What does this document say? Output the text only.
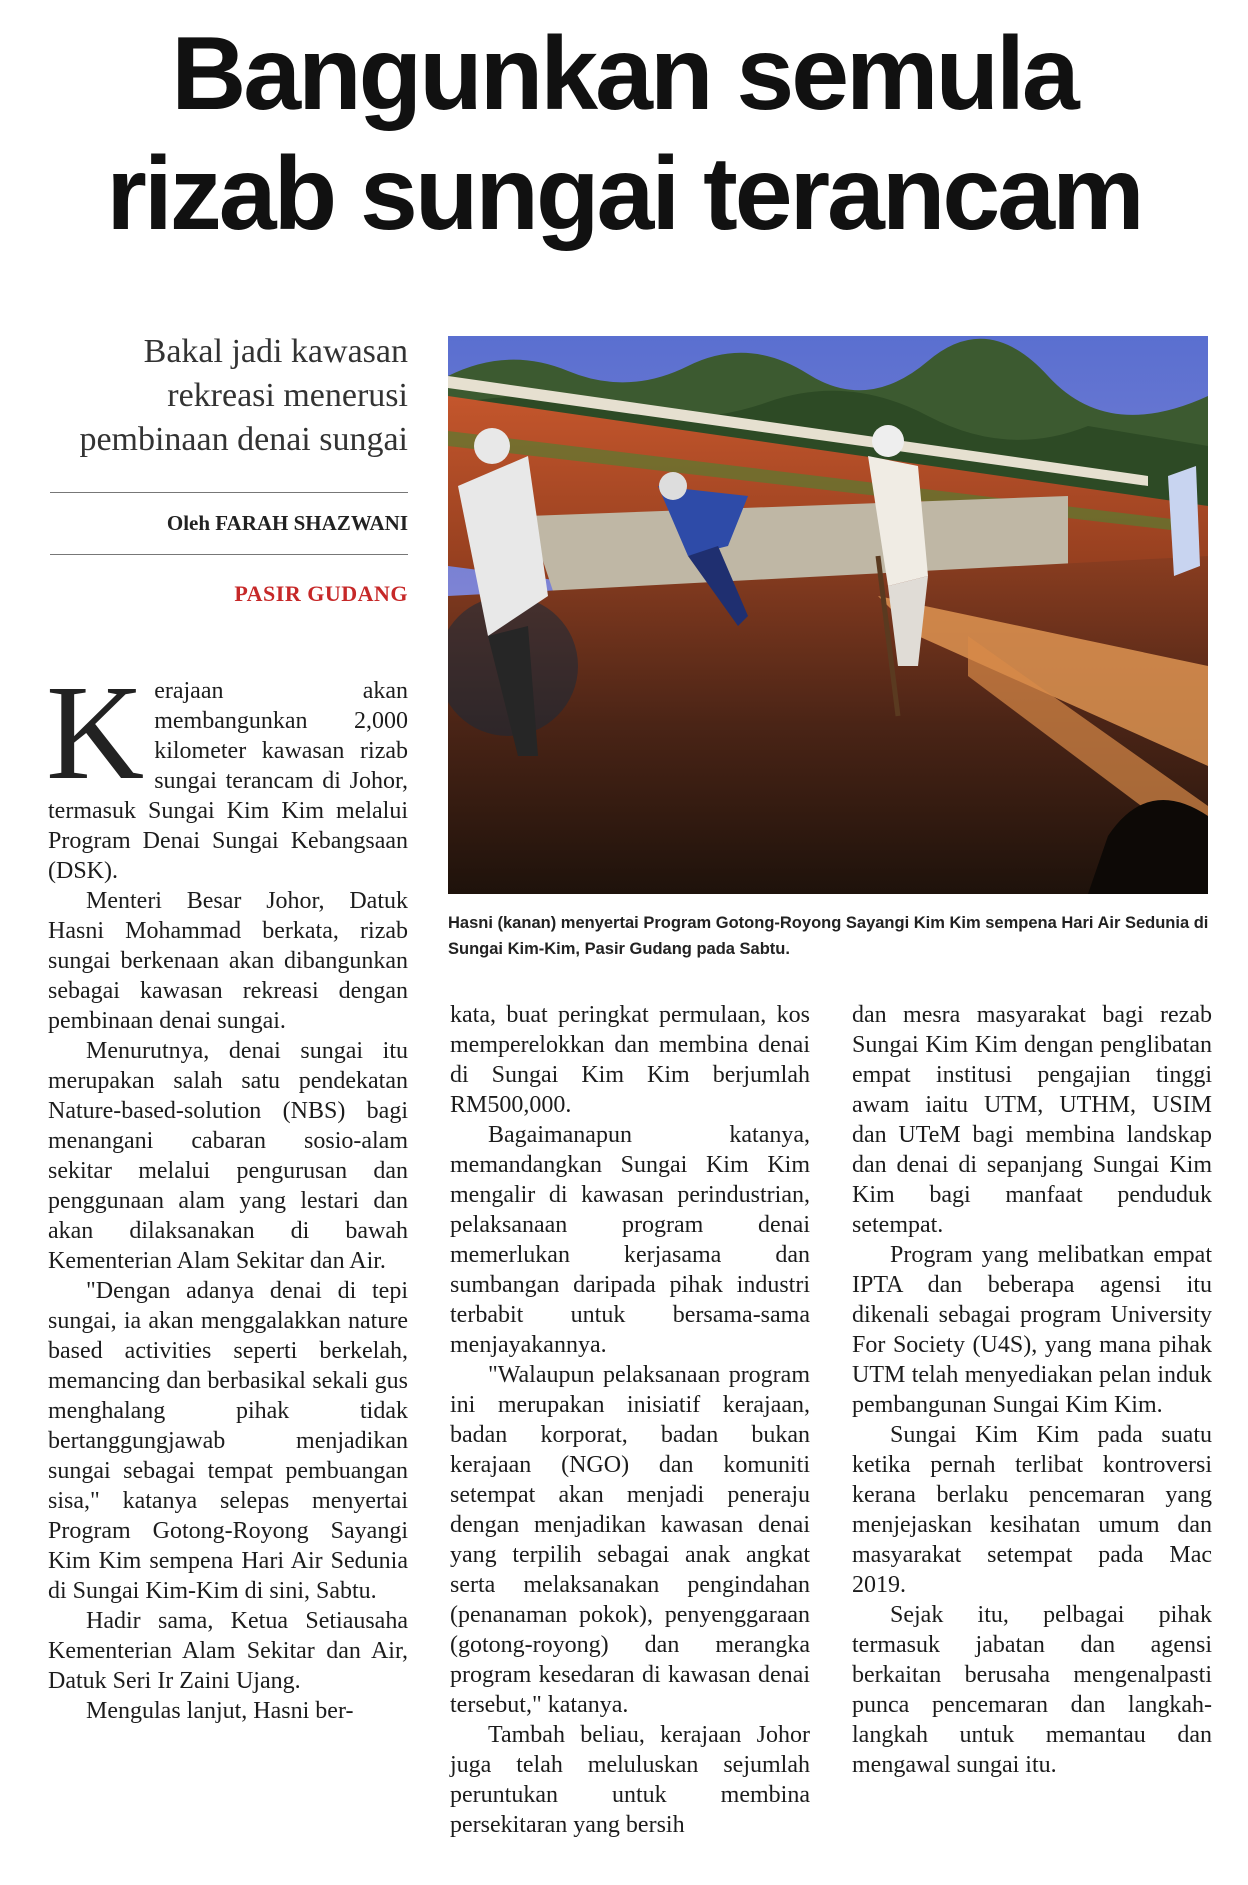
Bangunkan semula
rizab sungai terancam
Bakal jadi kawasan
rekreasi menerusi
pembinaan denai sungai
Oleh FARAH SHAZWANI
PASIR GUDANG
Hasni (kanan) menyertai Program Gotong-Royong Sayangi Kim Kim sempena Hari Air Sedunia di Sungai Kim-Kim, Pasir Gudang pada Sabtu.

Kerajaan akan membangunkan 2,000 kilometer kawasan rizab sungai terancam di Johor, termasuk Sungai Kim Kim melalui Program Denai Sungai Kebangsaan (DSK).

Menteri Besar Johor, Datuk Hasni Mohammad berkata, rizab sungai berkenaan akan dibangunkan sebagai kawasan rekreasi dengan pembinaan denai sungai.

Menurutnya, denai sungai itu merupakan salah satu pendekatan Nature-based-solution (NBS) bagi menangani cabaran sosio-alam sekitar melalui pengurusan dan penggunaan alam yang lestari dan akan dilaksanakan di bawah Kementerian Alam Sekitar dan Air.

"Dengan adanya denai di tepi sungai, ia akan menggalakkan nature based activities seperti berkelah, memancing dan berbasikal sekali gus menghalang pihak tidak bertanggungjawab menjadikan sungai sebagai tempat pembuangan sisa," katanya selepas menyertai Program Gotong-Royong Sayangi Kim Kim sempena Hari Air Sedunia di Sungai Kim-Kim di sini, Sabtu.

Hadir sama, Ketua Setiausaha Kementerian Alam Sekitar dan Air, Datuk Seri Ir Zaini Ujang.

Mengulas lanjut, Hasni ber-

kata, buat peringkat permulaan, kos memperelokkan dan membina denai di Sungai Kim Kim berjumlah RM500,000.

Bagaimanapun katanya, memandangkan Sungai Kim Kim mengalir di kawasan perindustrian, pelaksanaan program denai memerlukan kerjasama dan sumbangan daripada pihak industri terbabit untuk bersama-sama menjayakannya.

"Walaupun pelaksanaan program ini merupakan inisiatif kerajaan, badan korporat, badan bukan kerajaan (NGO) dan komuniti setempat akan menjadi peneraju dengan menjadikan kawasan denai yang terpilih sebagai anak angkat serta melaksanakan pengindahan (penanaman pokok), penyenggaraan (gotong-royong) dan merangka program kesedaran di kawasan denai tersebut," katanya.

Tambah beliau, kerajaan Johor juga telah meluluskan sejumlah peruntukan untuk membina persekitaran yang bersih

dan mesra masyarakat bagi rezab Sungai Kim Kim dengan penglibatan empat institusi pengajian tinggi awam iaitu UTM, UTHM, USIM dan UTeM bagi membina landskap dan denai di sepanjang Sungai Kim Kim bagi manfaat penduduk setempat.

Program yang melibatkan empat IPTA dan beberapa agensi itu dikenali sebagai program University For Society (U4S), yang mana pihak UTM telah menyediakan pelan induk pembangunan Sungai Kim Kim.

Sungai Kim Kim pada suatu ketika pernah terlibat kontroversi kerana berlaku pencemaran yang menjejaskan kesihatan umum dan masyarakat setempat pada Mac 2019.

Sejak itu, pelbagai pihak termasuk jabatan dan agensi berkaitan berusaha mengenalpasti punca pencemaran dan langkah-langkah untuk memantau dan mengawal sungai itu.
